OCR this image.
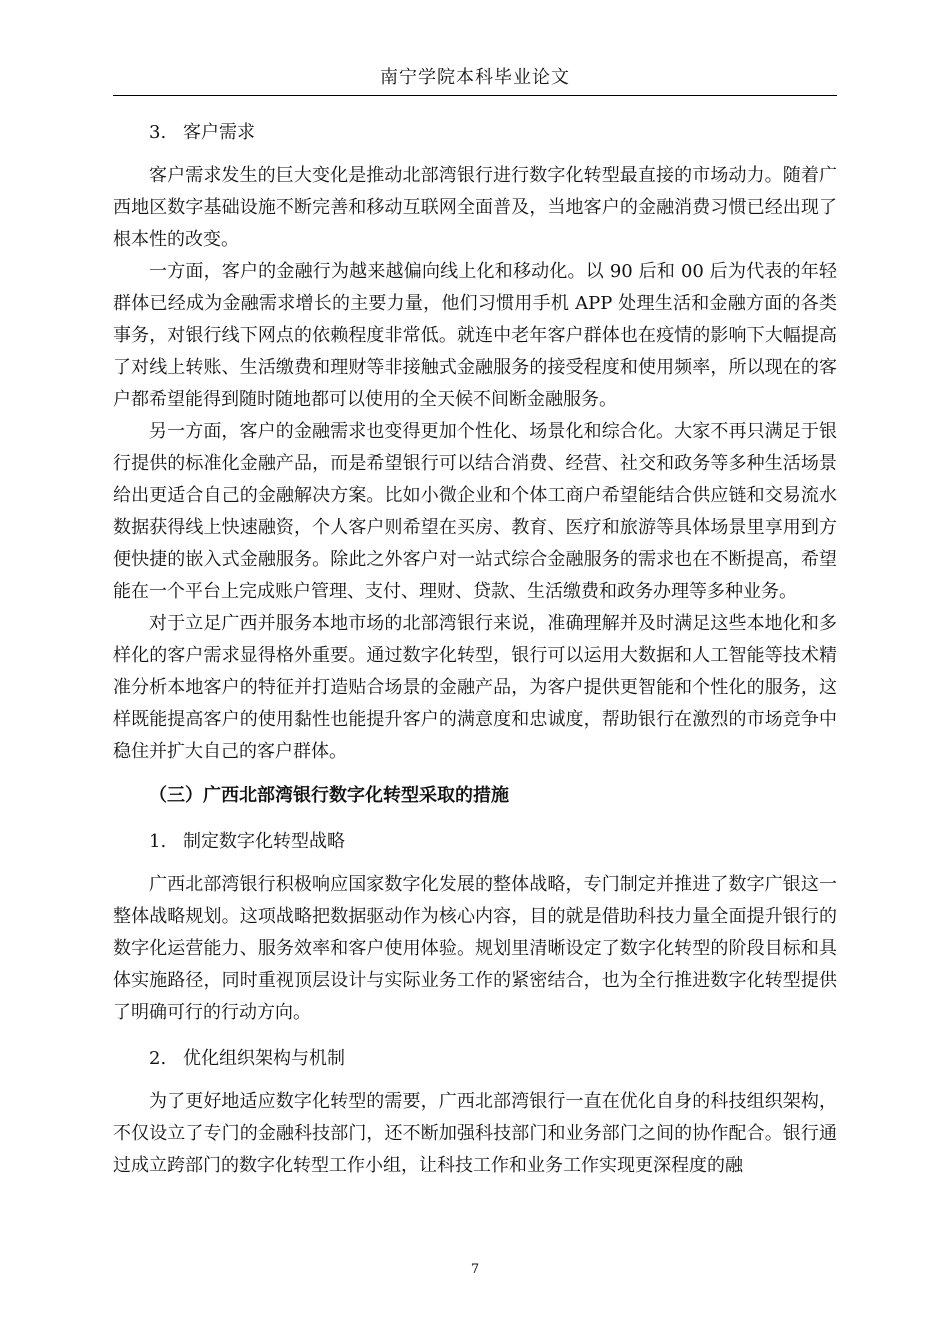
南宁学院本科毕业论文
3. 客户需求

客户需求发生的巨大变化是推动北部湾银行进行数字化转型最直接的市场动力。随着广西地区数字基础设施不断完善和移动互联网全面普及，当地客户的金融消费习惯已经出现了根本性的改变。

一方面，客户的金融行为越来越偏向线上化和移动化。以 90 后和 00 后为代表的年轻群体已经成为金融需求增长的主要力量，他们习惯用手机 APP 处理生活和金融方面的各类事务，对银行线下网点的依赖程度非常低。就连中老年客户群体也在疫情的影响下大幅提高了对线上转账、生活缴费和理财等非接触式金融服务的接受程度和使用频率，所以现在的客户都希望能得到随时随地都可以使用的全天候不间断金融服务。

另一方面，客户的金融需求也变得更加个性化、场景化和综合化。大家不再只满足于银行提供的标准化金融产品，而是希望银行可以结合消费、经营、社交和政务等多种生活场景给出更适合自己的金融解决方案。比如小微企业和个体工商户希望能结合供应链和交易流水数据获得线上快速融资，个人客户则希望在买房、教育、医疗和旅游等具体场景里享用到方便快捷的嵌入式金融服务。除此之外客户对一站式综合金融服务的需求也在不断提高，希望能在一个平台上完成账户管理、支付、理财、贷款、生活缴费和政务办理等多种业务。

对于立足广西并服务本地市场的北部湾银行来说，准确理解并及时满足这些本地化和多样化的客户需求显得格外重要。通过数字化转型，银行可以运用大数据和人工智能等技术精准分析本地客户的特征并打造贴合场景的金融产品，为客户提供更智能和个性化的服务，这样既能提高客户的使用黏性也能提升客户的满意度和忠诚度，帮助银行在激烈的市场竞争中稳住并扩大自己的客户群体。

（三）广西北部湾银行数字化转型采取的措施
1. 制定数字化转型战略

广西北部湾银行积极响应国家数字化发展的整体战略，专门制定并推进了数字广银这一整体战略规划。这项战略把数据驱动作为核心内容，目的就是借助科技力量全面提升银行的数字化运营能力、服务效率和客户使用体验。规划里清晰设定了数字化转型的阶段目标和具体实施路径，同时重视顶层设计与实际业务工作的紧密结合，也为全行推进数字化转型提供了明确可行的行动方向。

2. 优化组织架构与机制

为了更好地适应数字化转型的需要，广西北部湾银行一直在优化自身的科技组织架构，不仅设立了专门的金融科技部门，还不断加强科技部门和业务部门之间的协作配合。银行通过成立跨部门的数字化转型工作小组，让科技工作和业务工作实现更深程度的融

7
